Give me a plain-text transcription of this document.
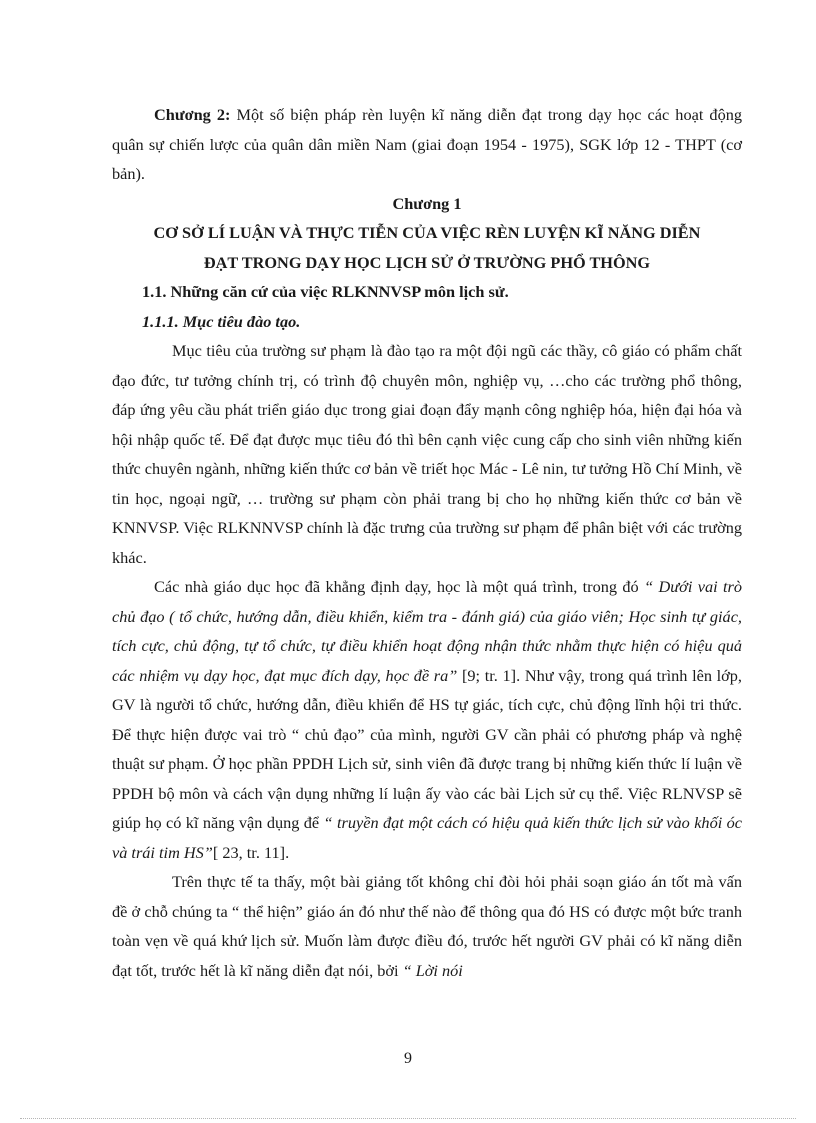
Chương 2: Một số biện pháp rèn luyện kĩ năng diễn đạt trong dạy học các hoạt động quân sự chiến lược của quân dân miền Nam (giai đoạn 1954 - 1975), SGK lớp 12 - THPT (cơ bản).

Chương 1

CƠ SỞ LÍ LUẬN VÀ THỰC TIỄN CỦA VIỆC RÈN LUYỆN KĨ NĂNG DIỄN

ĐẠT TRONG DẠY HỌC LỊCH SỬ Ở TRƯỜNG PHỔ THÔNG

1.1. Những căn cứ của việc RLKNNVSP môn lịch sử.

1.1.1. Mục tiêu đào tạo.

Mục tiêu của trường sư phạm là đào tạo ra một đội ngũ các thầy, cô giáo có phẩm chất đạo đức, tư tưởng chính trị, có trình độ chuyên môn, nghiệp vụ, …cho các trường phổ thông, đáp ứng yêu cầu phát triển giáo dục trong giai đoạn đẩy mạnh công nghiệp hóa, hiện đại hóa và hội nhập quốc tế. Để đạt được mục tiêu đó thì bên cạnh việc cung cấp cho sinh viên những kiến thức chuyên ngành, những kiến thức cơ bản về triết học Mác - Lê nin, tư tưởng Hồ Chí Minh, về tin học, ngoại ngữ, … trường sư phạm còn phải trang bị cho họ những kiến thức cơ bản về KNNVSP. Việc RLKNNVSP chính là đặc trưng của trường sư phạm để phân biệt với các trường khác.

Các nhà giáo dục học đã khẳng định dạy, học là một quá trình, trong đó “ Dưới vai trò chủ đạo ( tổ chức, hướng dẫn, điều khiển, kiểm tra - đánh giá) của giáo viên; Học sinh tự giác, tích cực, chủ động, tự tổ chức, tự điều khiển hoạt động nhận thức nhằm thực hiện có hiệu quả các nhiệm vụ dạy học, đạt mục đích dạy, học đề ra” [9; tr. 1]. Như vậy, trong quá trình lên lớp, GV là người tổ chức, hướng dẫn, điều khiển để HS tự giác, tích cực, chủ động lĩnh hội tri thức. Để thực hiện được vai trò “ chủ đạo” của mình, người GV cần phải có phương pháp và nghệ thuật sư phạm. Ở học phần PPDH Lịch sử, sinh viên đã được trang bị những kiến thức lí luận về PPDH bộ môn và cách vận dụng những lí luận ấy vào các bài Lịch sử cụ thể. Việc RLNVSP sẽ giúp họ có kĩ năng vận dụng để “ truyền đạt một cách có hiệu quả kiến thức lịch sử vào khối óc và trái tim HS”[ 23, tr. 11].

Trên thực tế ta thấy, một bài giảng tốt không chỉ đòi hỏi phải soạn giáo án tốt mà vấn đề ở chỗ chúng ta “ thể hiện” giáo án đó như thế nào để thông qua đó HS có được một bức tranh toàn vẹn về quá khứ lịch sử. Muốn làm được điều đó, trước hết người GV phải có kĩ năng diễn đạt tốt, trước hết là kĩ năng diễn đạt nói, bởi “ Lời nói

9
